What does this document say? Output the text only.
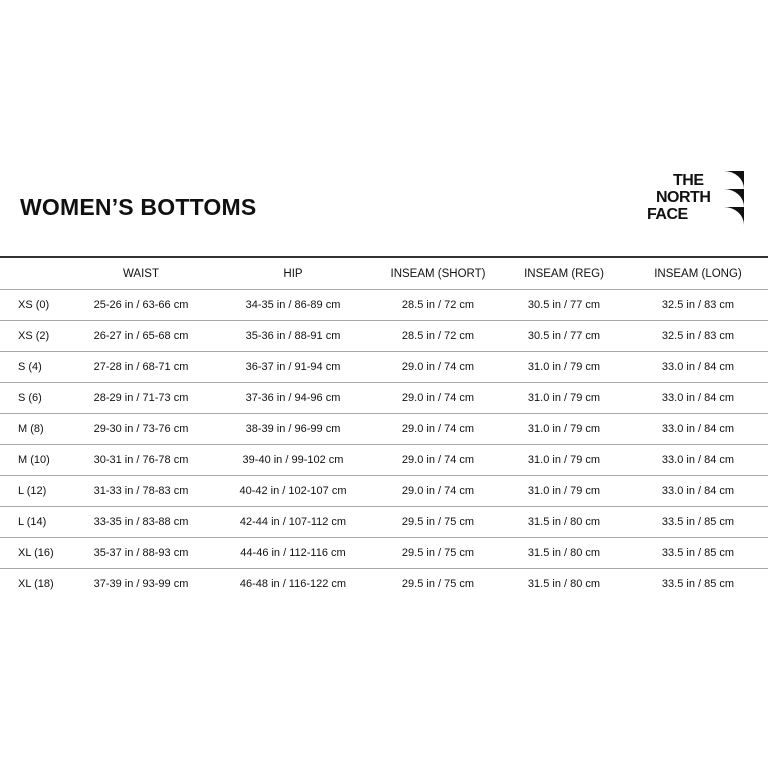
WOMEN’S BOTTOMS
THE
NORTH
FACE
	WAIST	HIP	INSEAM (SHORT)	INSEAM (REG)	INSEAM (LONG)
XS (0)	25-26 in / 63-66 cm	34-35 in / 86-89 cm	28.5 in / 72 cm	30.5 in / 77 cm	32.5 in / 83 cm
XS (2)	26-27 in / 65-68 cm	35-36 in / 88-91 cm	28.5 in / 72 cm	30.5 in / 77 cm	32.5 in / 83 cm
S (4)	27-28 in / 68-71 cm	36-37 in / 91-94 cm	29.0 in / 74 cm	31.0 in / 79 cm	33.0 in / 84 cm
S (6)	28-29 in / 71-73 cm	37-36 in / 94-96 cm	29.0 in / 74 cm	31.0 in / 79 cm	33.0 in / 84 cm
M (8)	29-30 in / 73-76 cm	38-39 in / 96-99 cm	29.0 in / 74 cm	31.0 in / 79 cm	33.0 in / 84 cm
M (10)	30-31 in / 76-78 cm	39-40 in / 99-102 cm	29.0 in / 74 cm	31.0 in / 79 cm	33.0 in / 84 cm
L (12)	31-33 in / 78-83 cm	40-42 in / 102-107 cm	29.0 in / 74 cm	31.0 in / 79 cm	33.0 in / 84 cm
L (14)	33-35 in / 83-88 cm	42-44 in / 107-112 cm	29.5 in / 75 cm	31.5 in / 80 cm	33.5 in / 85 cm
XL (16)	35-37 in / 88-93 cm	44-46 in / 112-116 cm	29.5 in / 75 cm	31.5 in / 80 cm	33.5 in / 85 cm
XL (18)	37-39 in / 93-99 cm	46-48 in / 116-122 cm	29.5 in / 75 cm	31.5 in / 80 cm	33.5 in / 85 cm
